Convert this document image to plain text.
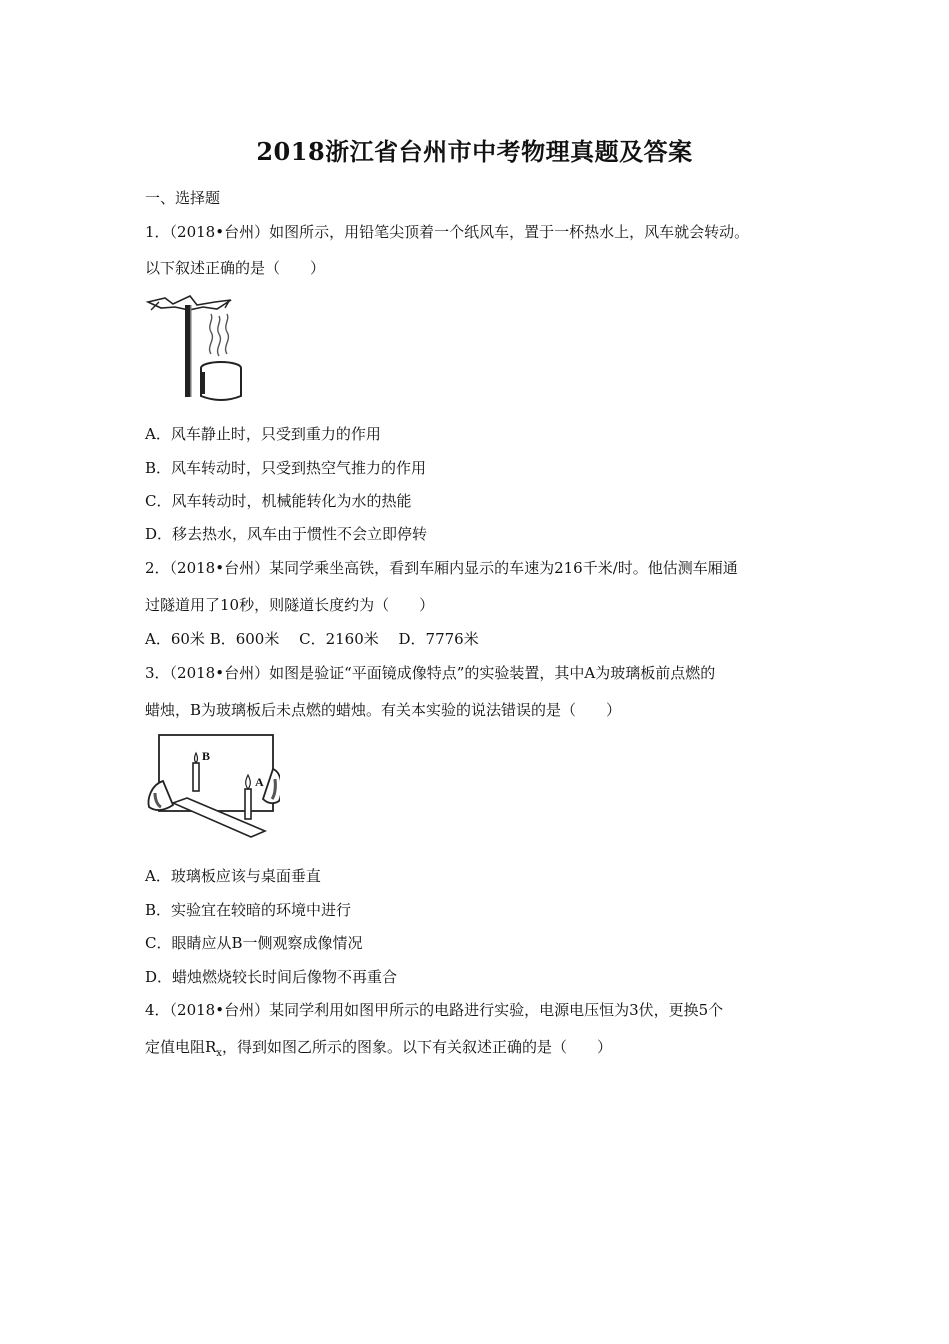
2018浙江省台州市中考物理真题及答案
一、选择题
1．（2018•台州）如图所示，用铅笔尖顶着一个纸风车，置于一杯热水上，风车就会转动。
以下叙述正确的是（　　）
A．风车静止时，只受到重力的作用
B．风车转动时，只受到热空气推力的作用
C．风车转动时，机械能转化为水的热能
D．移去热水，风车由于惯性不会立即停转
2．（2018•台州）某同学乘坐高铁，看到车厢内显示的车速为216千米/时。他估测车厢通
过隧道用了10秒，则隧道长度约为（　　）
A．60米 B．600米　 C．2160米　 D．7776米
3．（2018•台州）如图是验证“平面镜成像特点”的实验装置，其中A为玻璃板前点燃的
蜡烛，B为玻璃板后未点燃的蜡烛。有关本实验的说法错误的是（　　）
B
A
A．玻璃板应该与桌面垂直
B．实验宜在较暗的环境中进行
C．眼睛应从B一侧观察成像情况
D．蜡烛燃烧较长时间后像物不再重合
4．（2018•台州）某同学利用如图甲所示的电路进行实验，电源电压恒为3伏，更换5个
定值电阻$R_x$，得到如图乙所示的图象。以下有关叙述正确的是（　　）
